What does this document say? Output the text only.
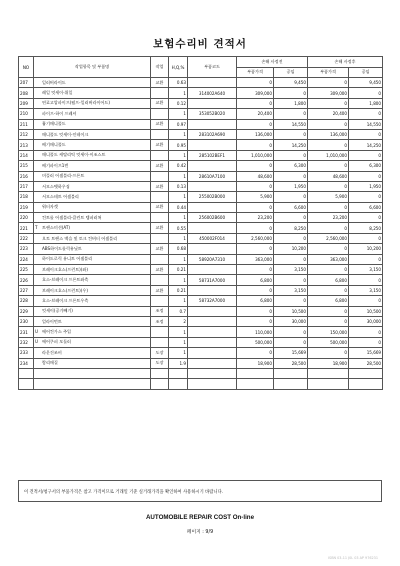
보험수리비 견적서
NO	작업항목 및 부품명	작업	H,Q,%	부품코드	손해 사정전		손해 사정후	
					부품가격	공임	부품가격	공임
207	일러버라이드	교환	0.63		0	9,450	0	9,450
208	레일 엇세이-위일		1	314002A640	309,000	0	309,000	0
209	연료고압파이프(펌프-일러버라이어드)	교환	0.12		0	1,800	0	1,800
210	파이프-하이 프레셔		1	353052B020	20,400	0	20,400	0
211	흡기매니폴드	교환	0.97		0	14,550	0	14,550
212	매니폴드 엇세이-인테이크		1	283102A690	136,000	0	136,000	0
213	배기매니폴드	교환	0.95		0	14,250	0	14,250
214	매니폴드 캐탈리틱 엇세이-이조스트		1	285102BEF1	1,010,000	0	1,010,000	0
215	배기파이프1번	교환	0.42		0	6,300	0	6,300
216	머플러 어셈블리-프론트		1	28610A7100	48,600	0	48,600	0
217	서모스탯하우징	교환	0.13		0	1,950	0	1,950
218	서모스테트 어셈블리		1	255002B000	5,900	0	5,900	0
219	워터자켓	교환	0.44		0	6,600	0	6,600
220	컨트롤 어셈블리-클린트 템퍼러쳐		1	256002B600	23,200	0	23,200	0
221	T 트랜스미션(AT)	교환	0.55		0	8,250	0	8,250
222	오토 트랜스 액슬 및 토크 컨버터 어셈블리		1	450002F014	2,560,000	0	2,560,000	0
223	ABS하이드롤릭유닛트	교환	0.68		0	10,200	0	10,200
224	하이드로릭 유니트 어셈블리		1	58920A7310	363,000	0	363,000	0
225	브레이크호스(프런트)(좌)	교환	0.21		0	3,150	0	3,150
226	호스-브레이크 프론트좌측		1	58731A7000	6,800	0	6,800	0
227	브레이크호스(프런트)(우)	교환	0.21		0	3,150	0	3,150
228	호스-브레이크 프론트우측		1	58732A7000	6,800	0	6,800	0
229	엇세이(공기빼기)	조정	0.7		0	10,500	0	10,500
230	얼라이먼트	조정	2		0	30,000	0	30,000
231	U 에어컨가스 주입		1		110,000	0	150,000	0
232	U 에어쿠퍼 모듈러		1		500,000	0	500,000	0
233	라운건조비	도장	1		0	15,669	0	15,669
234	람리매질	도장	1.9		18,900	28,500	18,900	28,500

이 견적서/청구서의 부품가격은 참고 가격이므로 거래일 기준 실거래가격을 확인하여 사용하시기 바랍니다.
AUTOMOBILE REPAIR COST On-line
페이지 : 9/9
ISBN 03-11 J0L 03 AP 976231
